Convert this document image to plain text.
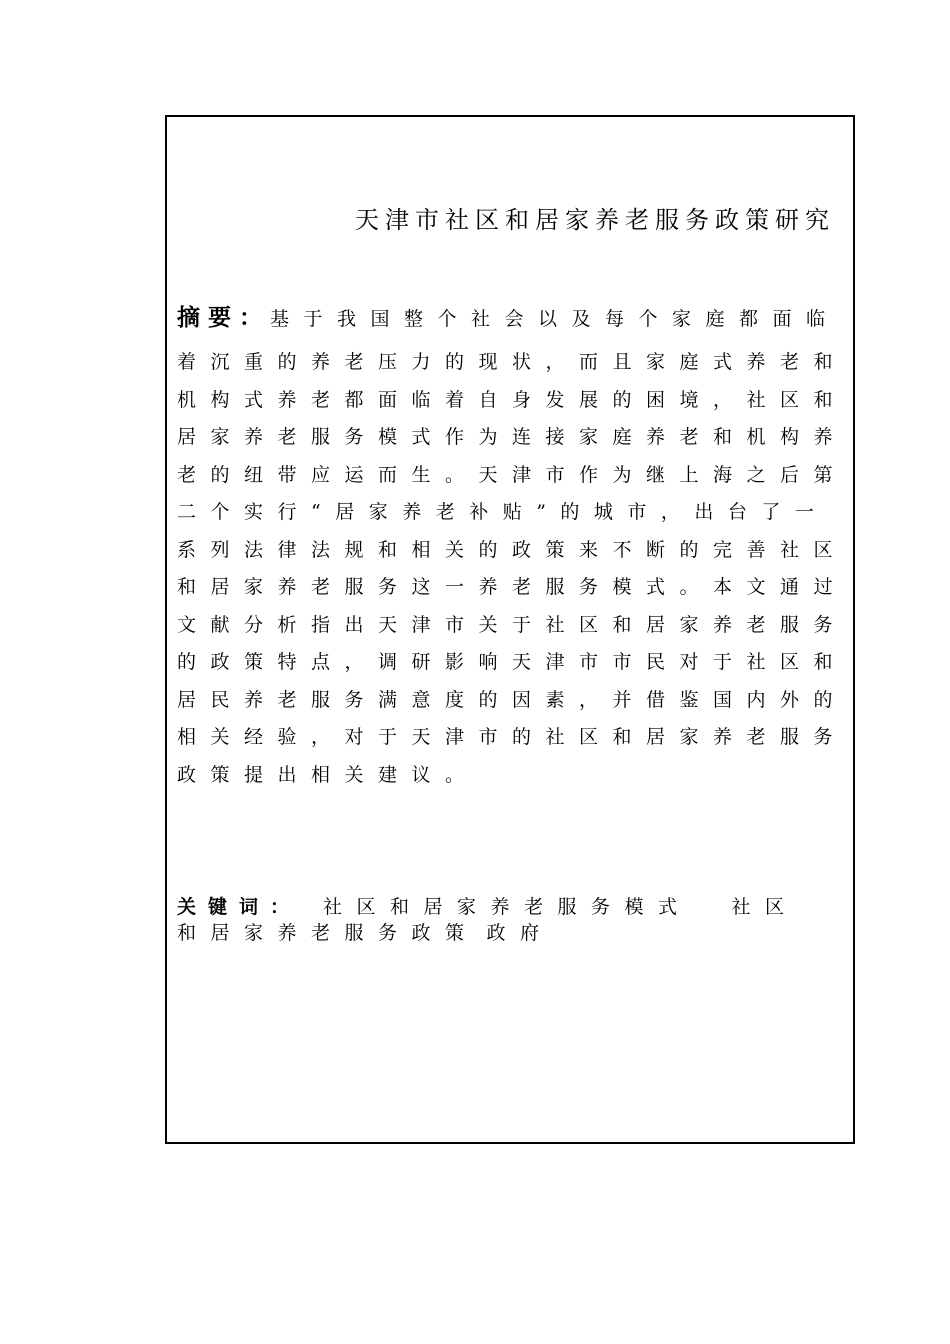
天津市社区和居家养老服务政策研究
摘要：基于我国整个社会以及每个家庭都面临
着沉重的养老压力的现状，而且家庭式养老和
机构式养老都面临着自身发展的困境，社区和
居家养老服务模式作为连接家庭养老和机构养
老的纽带应运而生。天津市作为继上海之后第
二个实行“居家养老补贴”的城市，出台了一
系列法律法规和相关的政策来不断的完善社区
和居家养老服务这一养老服务模式。本文通过
文献分析指出天津市关于社区和居家养老服务
的政策特点，调研影响天津市市民对于社区和
居民养老服务满意度的因素，并借鉴国内外的
相关经验，对于天津市的社区和居家养老服务
政策提出相关建议。
关键词： 社区和居家养老服务模式 社区和居家养老服务政策 政府
